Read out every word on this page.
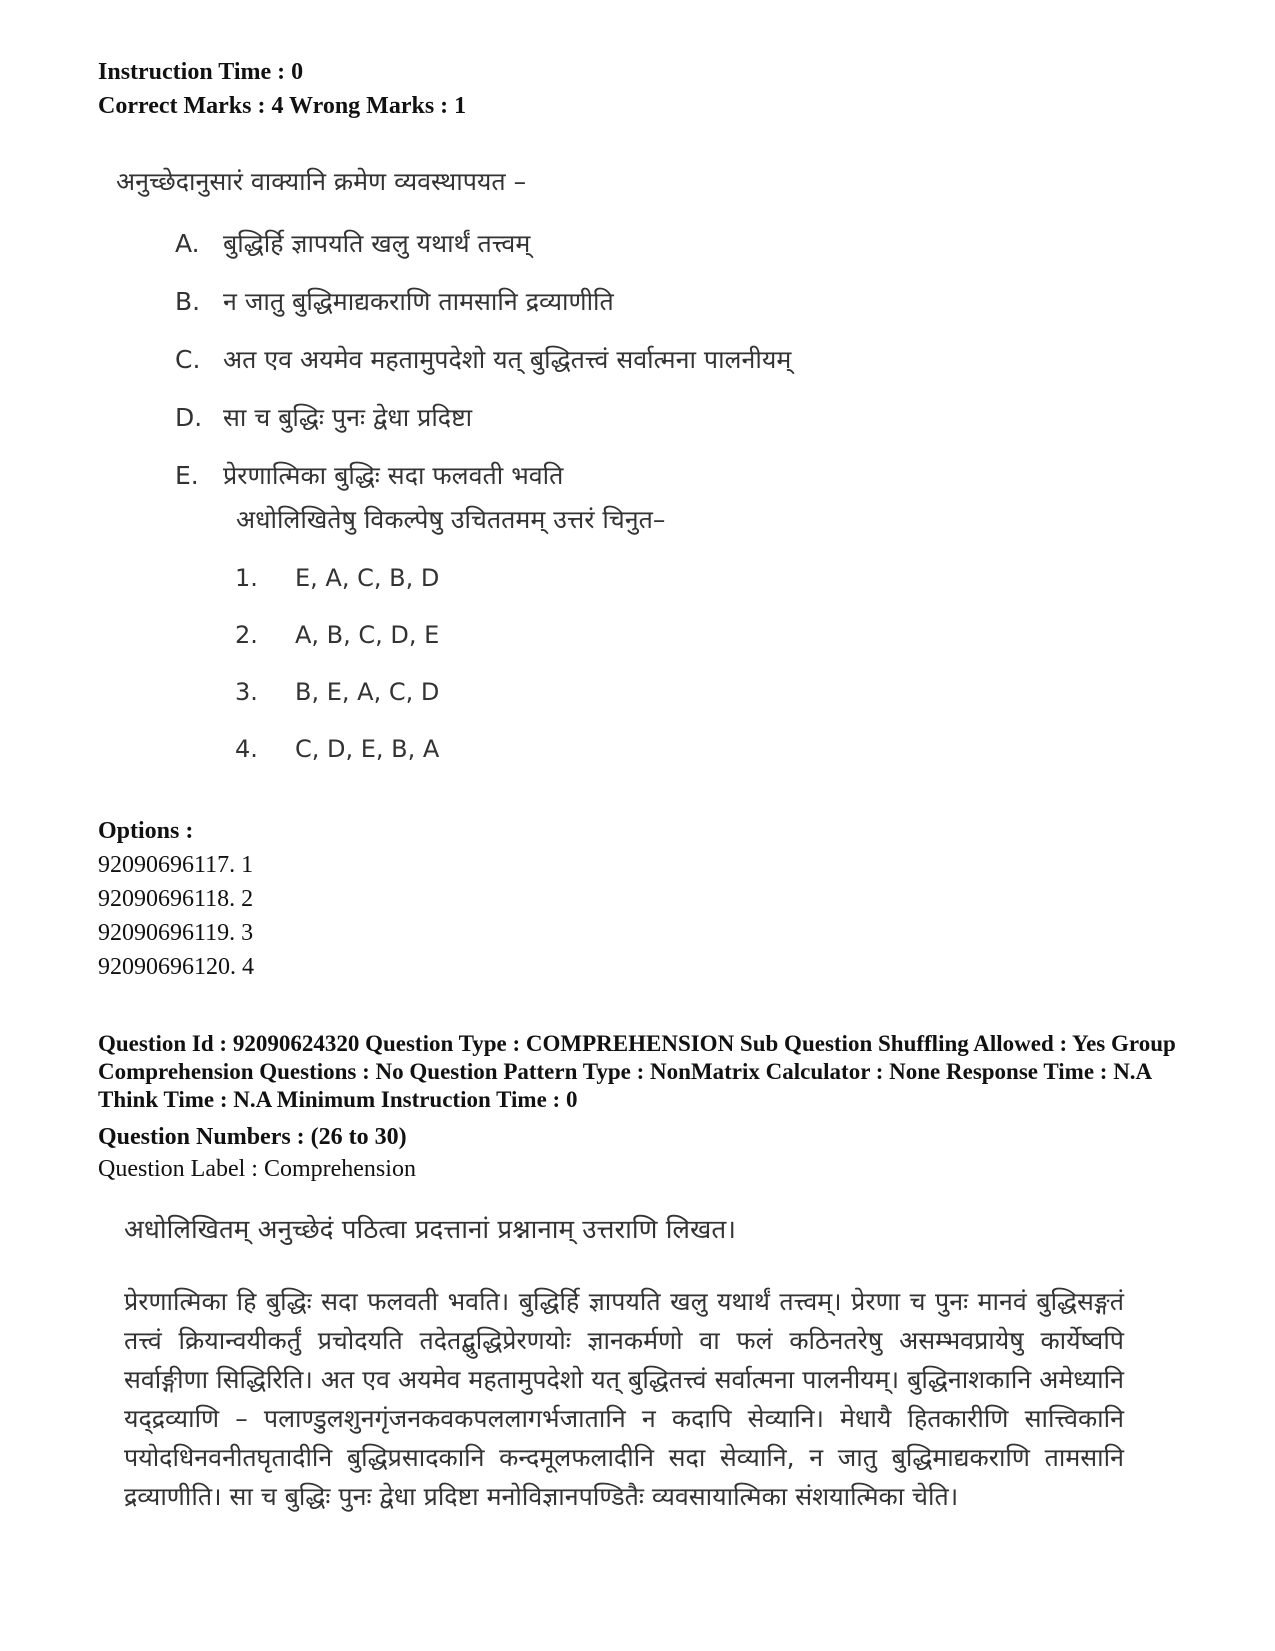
Instruction Time : 0
Correct Marks : 4 Wrong Marks : 1
अनुच्छेदानुसारं वाक्यानि क्रमेण व्यवस्थापयत –
A. बुद्धिर्हि ज्ञापयति खलु यथार्थं तत्त्वम्
B. न जातु बुद्धिमाद्यकराणि तामसानि द्रव्याणीति
C. अत एव अयमेव महतामुपदेशो यत् बुद्धितत्त्वं सर्वात्मना पालनीयम्
D. सा च बुद्धिः पुनः द्वेधा प्रदिष्टा
E. प्रेरणात्मिका बुद्धिः सदा फलवती भवति
अधोलिखितेषु विकल्पेषु उचिततमम् उत्तरं चिनुत–
1. E, A, C, B, D
2. A, B, C, D, E
3. B, E, A, C, D
4. C, D, E, B, A
Options :
92090696117. 1
92090696118. 2
92090696119. 3
92090696120. 4
Question Id : 92090624320 Question Type : COMPREHENSION Sub Question Shuffling Allowed : Yes Group Comprehension Questions : No Question Pattern Type : NonMatrix Calculator : None Response Time : N.A Think Time : N.A Minimum Instruction Time : 0
Question Numbers : (26 to 30)
Question Label : Comprehension
अधोलिखितम् अनुच्छेदं पठित्वा प्रदत्तानां प्रश्नानाम् उत्तराणि लिखत।
प्रेरणात्मिका हि बुद्धिः सदा फलवती भवति। बुद्धिर्हि ज्ञापयति खलु यथार्थं तत्त्वम्। प्रेरणा च पुनः मानवं बुद्धिसङ्गतं तत्त्वं क्रियान्वयीकर्तुं प्रचोदयति तदेतद्बुद्धिप्रेरणयोः ज्ञानकर्मणो वा फलं कठिनतरेषु असम्भवप्रायेषु कार्येष्वपि सर्वाङ्गीणा सिद्धिरिति। अत एव अयमेव महतामुपदेशो यत् बुद्धितत्त्वं सर्वात्मना पालनीयम्। बुद्धिनाशकानि अमेध्यानि यद्द्रव्याणि – पलाण्डुलशुनगृंजनकवकपललागर्भजातानि न कदापि सेव्यानि। मेधायै हितकारीणि सात्त्विकानि पयोदधिनवनीतघृतादीनि बुद्धिप्रसादकानि कन्दमूलफलादीनि सदा सेव्यानि, न जातु बुद्धिमाद्यकराणि तामसानि द्रव्याणीति। सा च बुद्धिः पुनः द्वेधा प्रदिष्टा मनोविज्ञानपण्डितैः व्यवसायात्मिका संशयात्मिका चेति।
